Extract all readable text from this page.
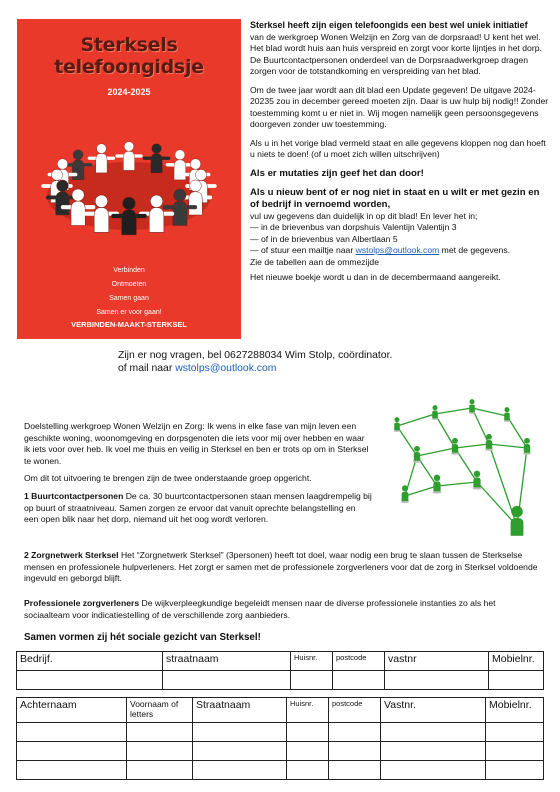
Sterksels telefoongidsje
2024-2025
Verbinden
Ontmoeten
Samen gaan
Samen er voor gaan!
VERBINDEN-MAAKT-STERKSEL

Sterksel heeft zijn eigen telefoongids een best wel uniek initiatief
van de werkgroep Wonen Welzijn en Zorg van de dorpsraad! U kent het wel. Het blad wordt huis aan huis verspreid en zorgt voor korte lijntjes in het dorp. De Buurtcontactpersonen onderdeel van de Dorpsraadwerkgroep dragen zorgen voor de totstandkoming en verspreiding van het blad.

Om de twee jaar wordt aan dit blad een Update gegeven! De uitgave 2024-20235 zou in december gereed moeten zijn. Daar is uw hulp bij nodig!! Zonder toestemming komt u er niet in. Wij mogen namelijk geen persoonsgegevens doorgeven zonder uw toestemming.

Als u in het vorige blad vermeld staat en alle gegevens kloppen nog dan hoeft u niets te doen! (of u moet zich willen uitschrijven)

Als er mutaties zijn geef het dan door!

Als u nieuw bent of er nog niet in staat en u wilt er met gezin en of bedrijf in vernoemd worden,
vul uw gegevens dan duidelijk in op dit blad! En lever het in;
— in de brievenbus van dorpshuis Valentijn Valentijn 3
— of in de brievenbus van Albertlaan 5
— of stuur een mailtje naar wstolps@outlook.com met de gegevens.
Zie de tabellen aan de ommezijde

Het nieuwe boekje wordt u dan in de decembermaand aangereikt.

Zijn er nog vragen, bel 0627288034 Wim Stolp, coördinator.
of mail naar wstolps@outlook.com

Doelstelling werkgroep Wonen Welzijn en Zorg: Ik wens in elke fase van mijn leven een geschikte woning, woonomgeving en dorpsgenoten die iets voor mij over hebben en waar ik iets voor over heb. Ik voel me thuis en veilig in Sterksel en ben er trots op om in Sterksel te wonen.

Om dit tot uitvoering te brengen zijn de twee onderstaande groep opgericht.

1 Buurtcontactpersonen De ca. 30 buurtcontactpersonen staan mensen laagdrempelig bij op buurt of straatniveau. Samen zorgen ze ervoor dat vanuit oprechte belangstelling en een open blik naar het dorp, niemand uit het oog wordt verloren.

2 Zorgnetwerk Sterksel Het “Zorgnetwerk Sterksel” (3personen) heeft tot doel, waar nodig een brug te slaan tussen de Sterkselse mensen en professionele hulpverleners. Het zorgt er samen met de professionele zorgverleners voor dat de zorg in Sterksel voldoende ingevuld en geborgd blijft.
Professionele zorgverleners De wijkverpleegkundige begeleidt mensen naar de diverse professionele instanties zo als het sociaalteam voor indicatiestelling of de verschillende zorg aanbieders.
Samen vormen zij hét sociale gezicht van Sterksel!
Bedrijf.	straatnaam	Huisnr.	postcode	vastnr	Mobielnr.

Achternaam	Voornaam of letters	Straatnaam	Huisnr.	postcode	Vastnr.	Mobielnr.
